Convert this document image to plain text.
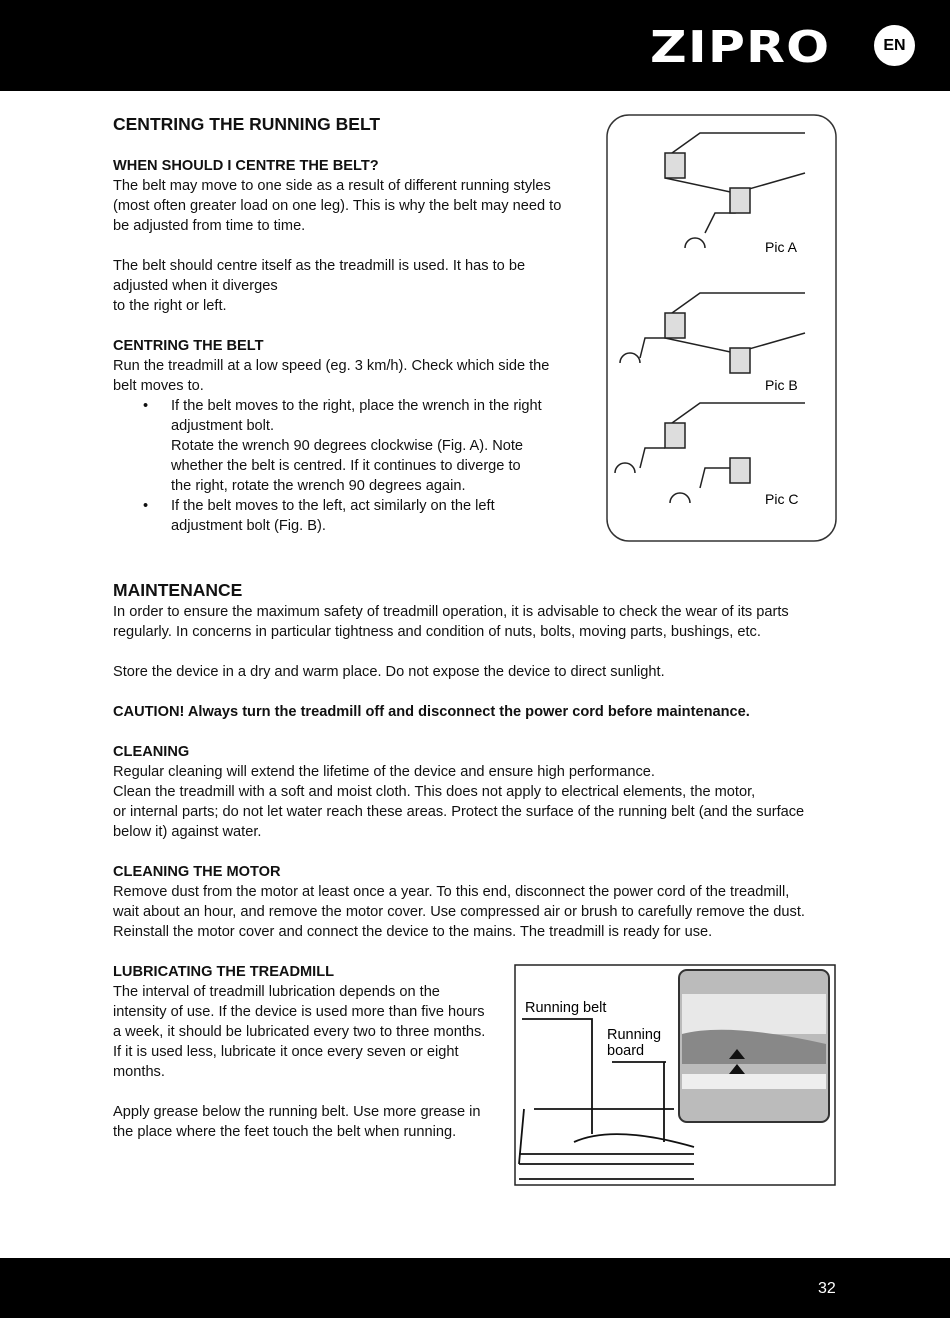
ZIPRO	EN
CENTRING THE RUNNING BELT
WHEN SHOULD I CENTRE THE BELT?
The belt may move to one side as a result of different running styles
(most often greater load on one leg). This is why the belt may need to
be adjusted from time to time.

The belt should centre itself as the treadmill is used. It has to be
adjusted when it diverges
to the right or left.

CENTRING THE BELT
Run the treadmill at a low speed (eg. 3 km/h). Check which side the
belt moves to.
• If the belt moves to the right, place the wrench in the right
adjustment bolt.
Rotate the wrench 90 degrees clockwise (Fig. A). Note
whether the belt is centred. If it continues to diverge to
the right, rotate the wrench 90 degrees again.
• If the belt moves to the left, act similarly on the left
adjustment bolt (Fig. B).
Pic A
Pic B
Pic C
MAINTENANCE
In order to ensure the maximum safety of treadmill operation, it is advisable to check the wear of its parts
regularly. In concerns in particular tightness and condition of nuts, bolts, moving parts, bushings, etc.

Store the device in a dry and warm place. Do not expose the device to direct sunlight.

CAUTION! Always turn the treadmill off and disconnect the power cord before maintenance.

CLEANING
Regular cleaning will extend the lifetime of the device and ensure high performance.
Clean the treadmill with a soft and moist cloth. This does not apply to electrical elements, the motor,
or internal parts; do not let water reach these areas. Protect the surface of the running belt (and the surface
below it) against water.

CLEANING THE MOTOR
Remove dust from the motor at least once a year. To this end, disconnect the power cord of the treadmill,
wait about an hour, and remove the motor cover. Use compressed air or brush to carefully remove the dust.
Reinstall the motor cover and connect the device to the mains. The treadmill is ready for use.

LUBRICATING THE TREADMILL
The interval of treadmill lubrication depends on the
intensity of use. If the device is used more than five hours
a week, it should be lubricated every two to three months.
If it is used less, lubricate it once every seven or eight
months.

Apply grease below the running belt. Use more grease in
the place where the feet touch the belt when running.
Running belt
Running
board
32
